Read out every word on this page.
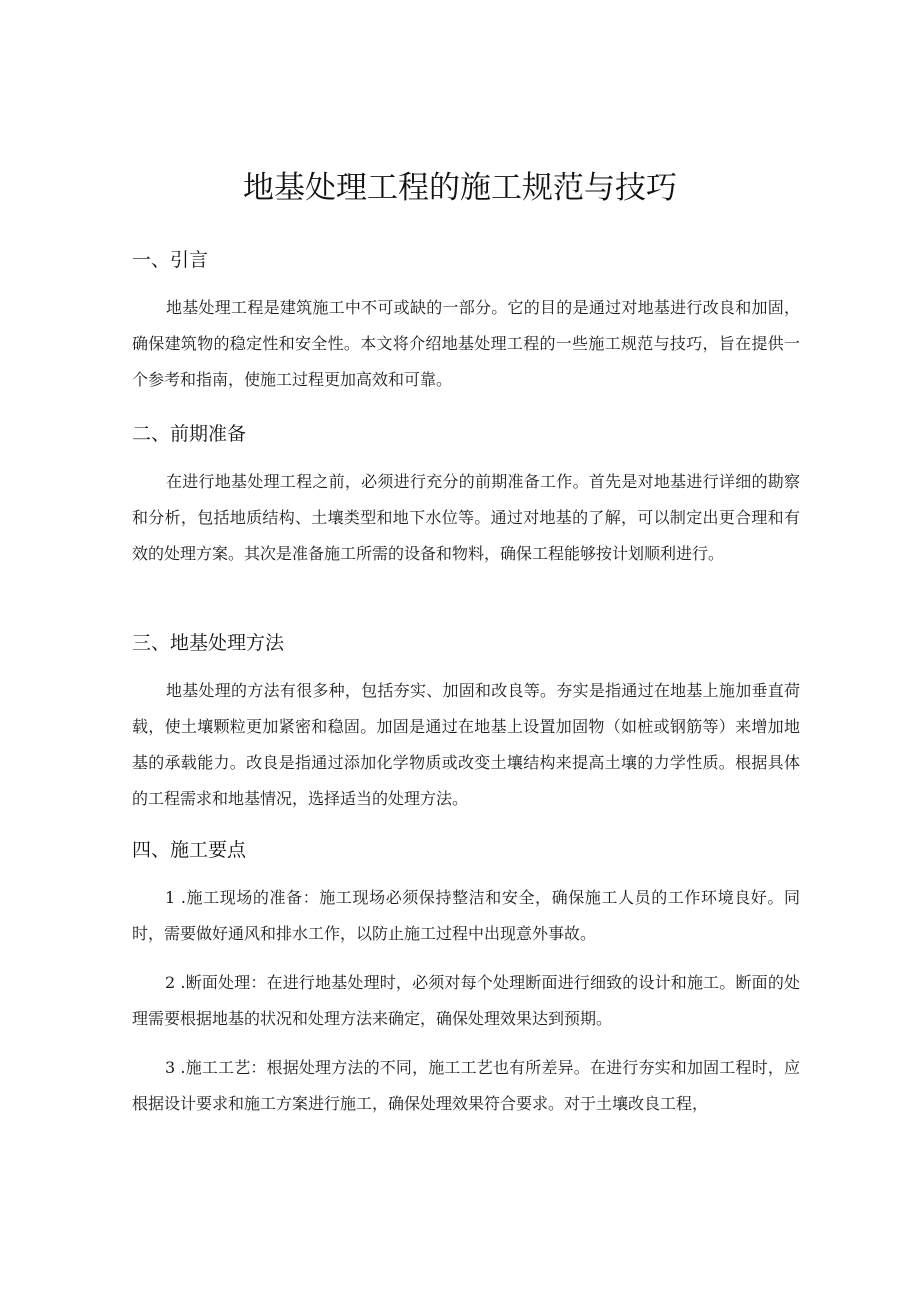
地基处理工程的施工规范与技巧
一、引言

地基处理工程是建筑施工中不可或缺的一部分。它的目的是通过对地基进行改良和加固，确保建筑物的稳定性和安全性。本文将介绍地基处理工程的一些施工规范与技巧，旨在提供一个参考和指南，使施工过程更加高效和可靠。

二、前期准备

在进行地基处理工程之前，必须进行充分的前期准备工作。首先是对地基进行详细的勘察和分析，包括地质结构、土壤类型和地下水位等。通过对地基的了解，可以制定出更合理和有效的处理方案。其次是准备施工所需的设备和物料，确保工程能够按计划顺利进行。

三、地基处理方法

地基处理的方法有很多种，包括夯实、加固和改良等。夯实是指通过在地基上施加垂直荷载，使土壤颗粒更加紧密和稳固。加固是通过在地基上设置加固物（如桩或钢筋等）来增加地基的承载能力。改良是指通过添加化学物质或改变土壤结构来提高土壤的力学性质。根据具体的工程需求和地基情况，选择适当的处理方法。

四、施工要点

1 .施工现场的准备：施工现场必须保持整洁和安全，确保施工人员的工作环境良好。同时，需要做好通风和排水工作，以防止施工过程中出现意外事故。

2 .断面处理：在进行地基处理时，必须对每个处理断面进行细致的设计和施工。断面的处理需要根据地基的状况和处理方法来确定，确保处理效果达到预期。

3 .施工工艺：根据处理方法的不同，施工工艺也有所差异。在进行夯实和加固工程时，应根据设计要求和施工方案进行施工，确保处理效果符合要求。对于土壤改良工程，
